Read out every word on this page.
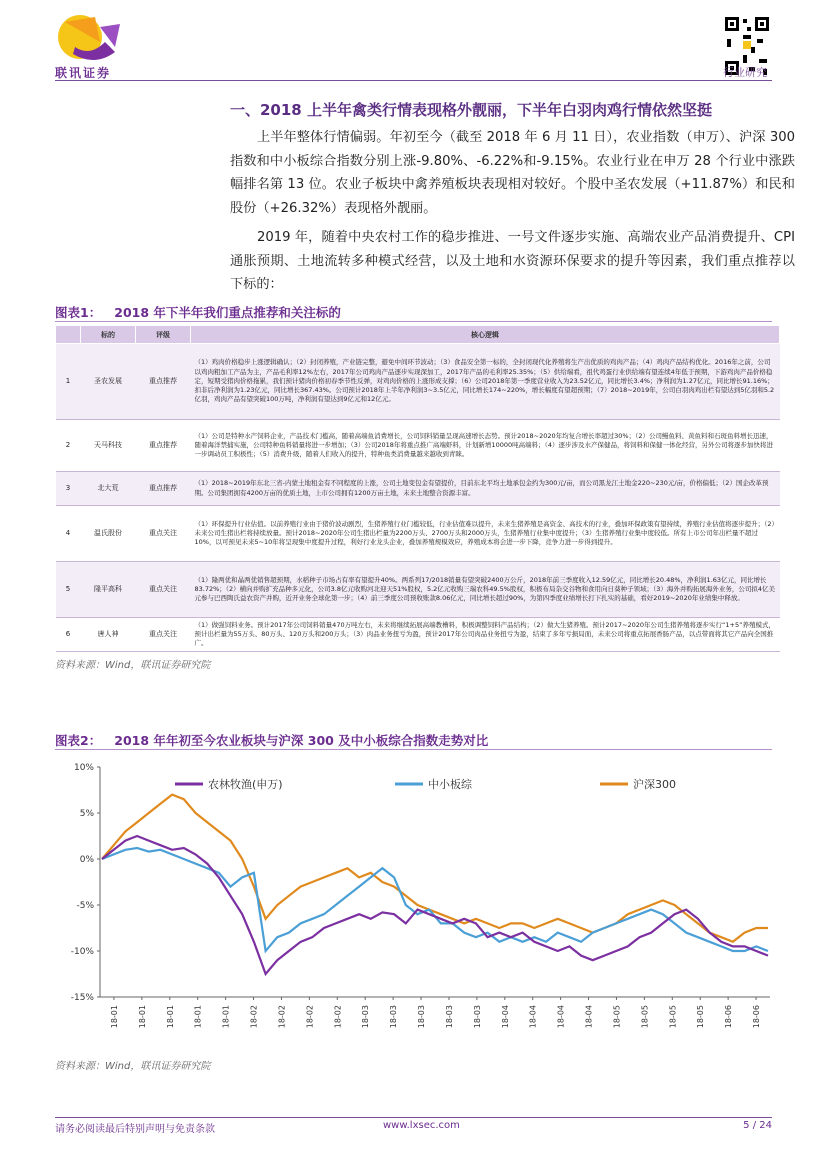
联讯证券	行业研究
一、2018 上半年禽类行情表现格外靓丽，下半年白羽肉鸡行情依然坚挺
上半年整体行情偏弱。年初至今（截至 2018 年 6 月 11 日），农业指数（申万）、沪深 300 指数和中小板综合指数分别上涨-9.80%、-6.22%和-9.15%。农业行业在申万 28 个行业中涨跌幅排名第 13 位。农业子板块中禽养殖板块表现相对较好。个股中圣农发展（+11.87%）和民和股份（+26.32%）表现格外靓丽。
2019 年，随着中央农村工作的稳步推进、一号文件逐步实施、高端农业产品消费提升、CPI 通胀预期、土地流转多种模式经营，以及土地和水资源环保要求的提升等因素，我们重点推荐以下标的：
图表1： 2018 年下半年我们重点推荐和关注标的
	标的	评级	核心逻辑
1	圣农发展	重点推荐	（1）鸡肉价格稳步上涨逻辑确认；（2）封闭养殖，产业链完整，避免中间环节波动；（3）食品安全第一标的，全封闭现代化养殖将生产出优质的鸡肉产品；（4）鸡肉产品结构优化。2016年之前，公司以鸡肉粗加工产品为主，产品毛利率12%左右，2017年公司鸡肉产品逐步实现深加工，2017年产品的毛利率25.35%；（5）供给端看，祖代鸡蛋行业供给端有望连续4年低于预期，下游鸡肉产品价格稳定，短期受猪肉价格拖累，我们预计猪肉价格初春季节性反弹，对鸡肉价格的上涨形成支撑；（6）公司2018年第一季度营业收入为23.52亿元，同比增长3.4%；净利润为1.27亿元，同比增长91.16%；扣非后净利润为1.23亿元，同比增长367.43%。公司预计2018年上半年净利润3~3.5亿元，同比增长174~220%，增长幅度有望超预期；（7）2018~2019年，公司白羽肉鸡出栏有望达到5亿羽和5.2亿羽，鸡肉产品有望突破100万吨，净利润有望达到9亿元和12亿元。
2	天马科技	重点推荐	（1）公司是特种水产饲料企业，产品技术门槛高，随着高端鱼消费增长，公司饲料销量呈现高速增长态势。预计2018~2020年均复合增长率超过30%；（2）公司鳗鱼料、黄鱼料和石斑鱼料增长迅速，随着海洋禁捕实施，公司特种鱼料销量将进一步增加；（3）公司2018年将重点推广高端虾料，计划新增10000吨高端料；（4）逐步涉及水产保健品，将饲料和保健一体化经营，另外公司将逐步加快将进一步调动员工积极性；（5）消费升级，随着人们收入的提升，特种鱼类消费量越来越收到青睐。
3	北大荒	重点推荐	（1）2018~2019年东北三省-内蒙土地租金有不同程度的上涨，公司土地变包金有望提价，目前东北平均土地承包金约为300元/亩，而公司黑龙江土地金220~230元/亩，价格偏低；（2）国企改革预期。公司集团拥有4200万亩的优质土地，上市公司拥有1200万亩土地，未来土地整合资源丰富。
4	温氏股份	重点关注	（1）环保提升行业估值。以前养殖行业由于猪价波动剧烈，生猪养殖行业门槛较低，行业估值难以提升，未来生猪养殖是高资金、高技术的行业，叠加环保政策有望持续，养殖行业估值将逐步提升；（2）未来公司生猪出栏将持续放量。预计2018~2020年公司生猪出栏量为2200万头、2700万头和2000万头，生猪养殖行业集中度提升；（3）生猪养殖行业集中度较低。所有上市公司年出栏量不超过10%，以可预见未来5~10年将呈现集中度提升过程，利好行业龙头企业，叠加养殖规模效应，养殖成本将会进一步下降，竞争力进一步得到提升。
5	隆平高科	重点关注	（1）隆两优和晶两优销售超预期，水稻种子市场占有率有望提升40%。两系列17/2018销量有望突破2400万公斤，2018年前三季度收入12.59亿元，同比增长20.48%，净利润1.63亿元，同比增长83.72%；（2）横向并购扩充品种多元化，公司3.8亿元收购河北迎天51%股权，5.2亿元收购三瑞农科49.5%股权，积极布局杂交谷物和食用向日葵种子领域；（3）海外并购拓展海外业务，公司拟4亿美元参与巴西陶氏益农资产并购，近开业务全球化第一步；（4）前三季度公司预收账款8.06亿元，同比增长超过90%，为第四季度业绩增长打下扎实的基础，看好2019~2020年业绩集中释放。
6	唐人神	重点关注	（1）做强饲料业务。预计2017年公司饲料销量470万吨左右，未来将继续拓展高端教槽料，积极调整饲料产品结构；（2）做大生猪养殖。预计2017~2020年公司生猪养殖将逐步实行“1+5”养殖模式，预计出栏量为55万头、80万头、120万头和200万头；（3）肉品业务扭亏为盈，预计2017年公司肉品业务扭亏为盈，结束了多年亏损局面，未来公司将重点拓展香肠产品，以点带面将其它产品向全国推广。
资料来源：Wind，联讯证券研究院
图表2： 2018 年年初至今农业板块与沪深 300 及中小板综合指数走势对比
10%
5%
0%
-5%
-10%
-15%
18-01 18-01 18-01 18-01 18-01 18-02 18-02 18-02 18-02 18-03 18-03 18-03 18-03 18-03 18-04 18-04 18-04 18-04 18-05 18-05 18-05 18-05 18-06 18-06
农林牧渔(申万)	中小板综	沪深300
资料来源：Wind，联讯证券研究院
请务必阅读最后特别声明与免责条款	www.lxsec.com	5 / 24
